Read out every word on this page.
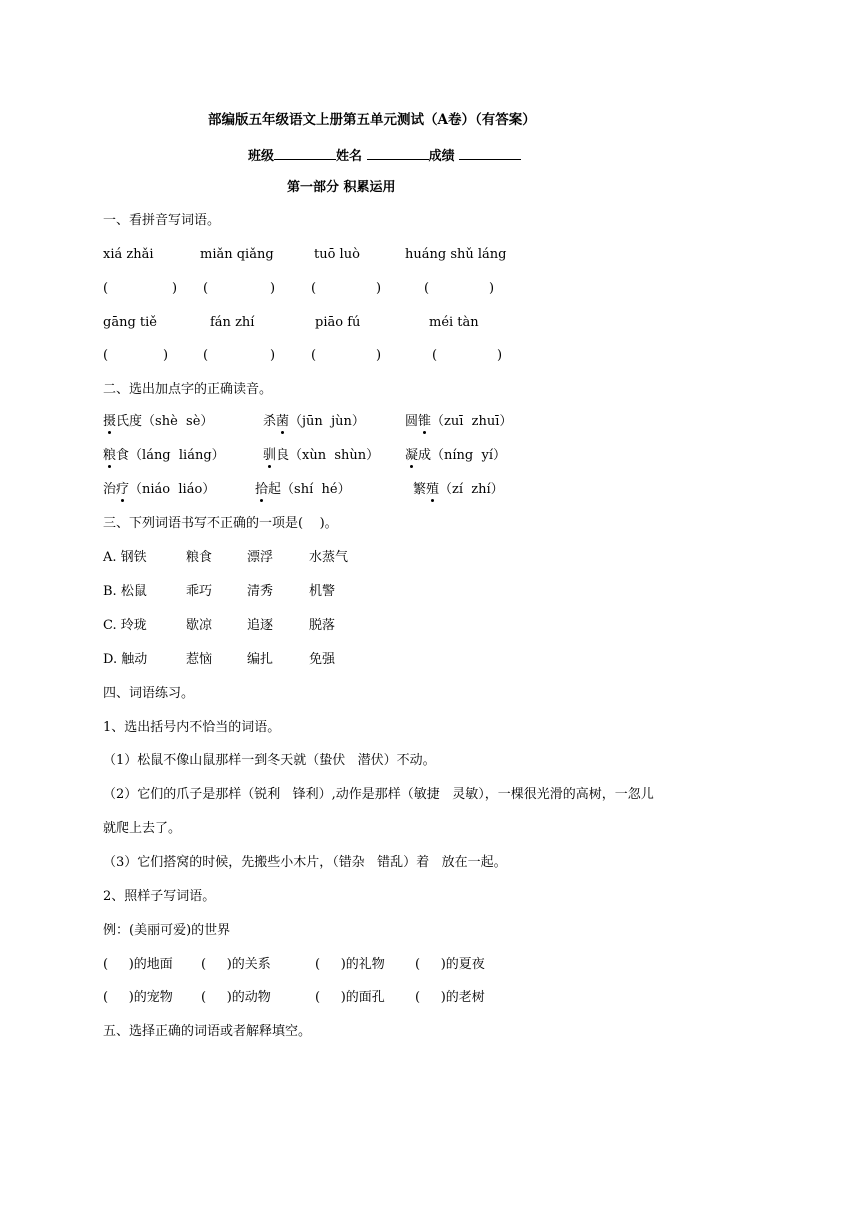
部编版五年级语文上册第五单元测试（A卷）（有答案）
班级	姓名	成绩
第一部分 积累运用
一、看拼音写词语。
xiá zhǎi	miǎn qiǎng	tuō luò	huáng shǔ láng
(	) (	)	(	)	(	)
gāng tiě	fán zhí	piāo fú	méi tàn
(	)	(	)	(	)	(	)
二、选出加点字的正确读音。
摄氏度（shè  sè）	杀菌（jūn  jùn）	圆锥（zuī  zhuī）
粮食（láng  liáng）	驯良（xùn  shùn） 凝成（níng  yí）
治疗（niáo  liáo）	拾起（shí  hé）	繁殖（zí  zhí）
三、下列词语书写不正确的一项是(    )。
A. 钢铁	粮食	漂浮	水蒸气
B. 松鼠	乖巧	清秀	机警
C. 玲珑	歇凉	追逐	脱落
D. 触动	惹恼	编扎	免强
四、词语练习。
1、选出括号内不恰当的词语。
（1）松鼠不像山鼠那样一到冬天就（蛰伏   潜伏）不动。
（2）它们的爪子是那样（锐利   锋利）,动作是那样（敏捷   灵敏），一棵很光滑的高树，一忽儿
就爬上去了。
（3）它们搭窝的时候，先搬些小木片，（错杂   错乱）着   放在一起。
2、照样子写词语。
例：(美丽可爱)的世界
(     )的地面 (     )的关系	(     )的礼物 (     )的夏夜
(     )的宠物 (     )的动物	(     )的面孔 (     )的老树
五、选择正确的词语或者解释填空。
